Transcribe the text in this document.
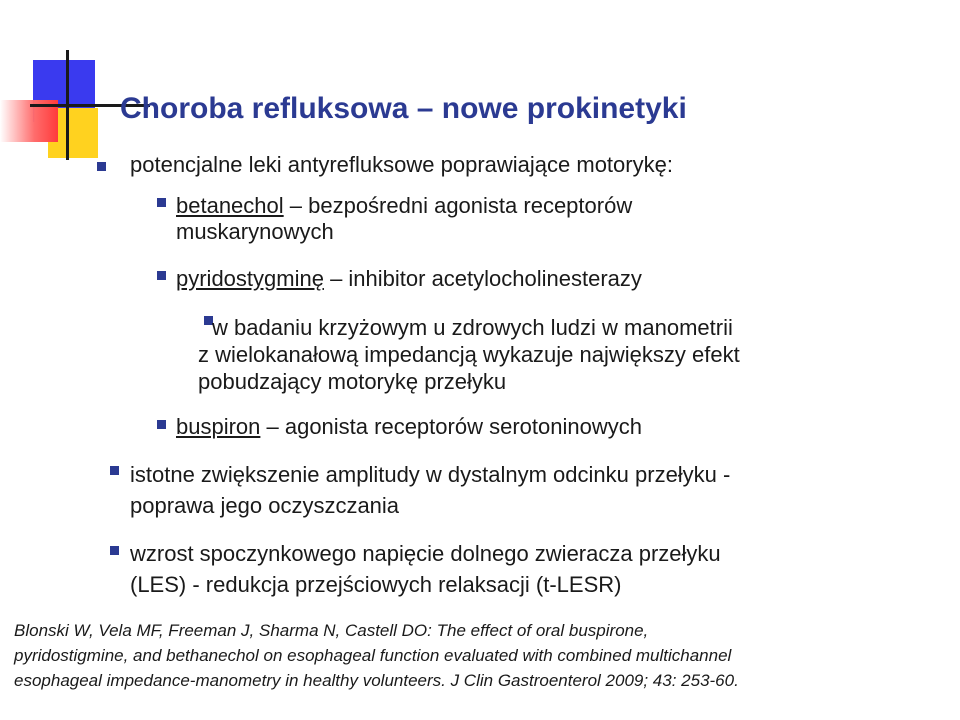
Choroba refluksowa – nowe prokinetyki
potencjalne leki antyrefluksowe poprawiające motorykę:
betanechol – bezpośredni agonista receptorów
muskarynowych
pyridostygminę – inhibitor acetylocholinesterazy
w badaniu krzyżowym u zdrowych ludzi w manometrii
z wielokanałową impedancją wykazuje największy efekt
pobudzający motorykę przełyku
buspiron – agonista receptorów serotoninowych
istotne zwiększenie amplitudy w dystalnym odcinku przełyku -
poprawa jego oczyszczania
wzrost spoczynkowego napięcie dolnego zwieracza przełyku
(LES) - redukcja przejściowych relaksacji (t-LESR)
Blonski W, Vela MF, Freeman J, Sharma N, Castell DO: The effect of oral buspirone,
pyridostigmine, and bethanechol on esophageal function evaluated with combined multichannel
esophageal impedance-manometry in healthy volunteers. J Clin Gastroenterol 2009; 43: 253-60.
